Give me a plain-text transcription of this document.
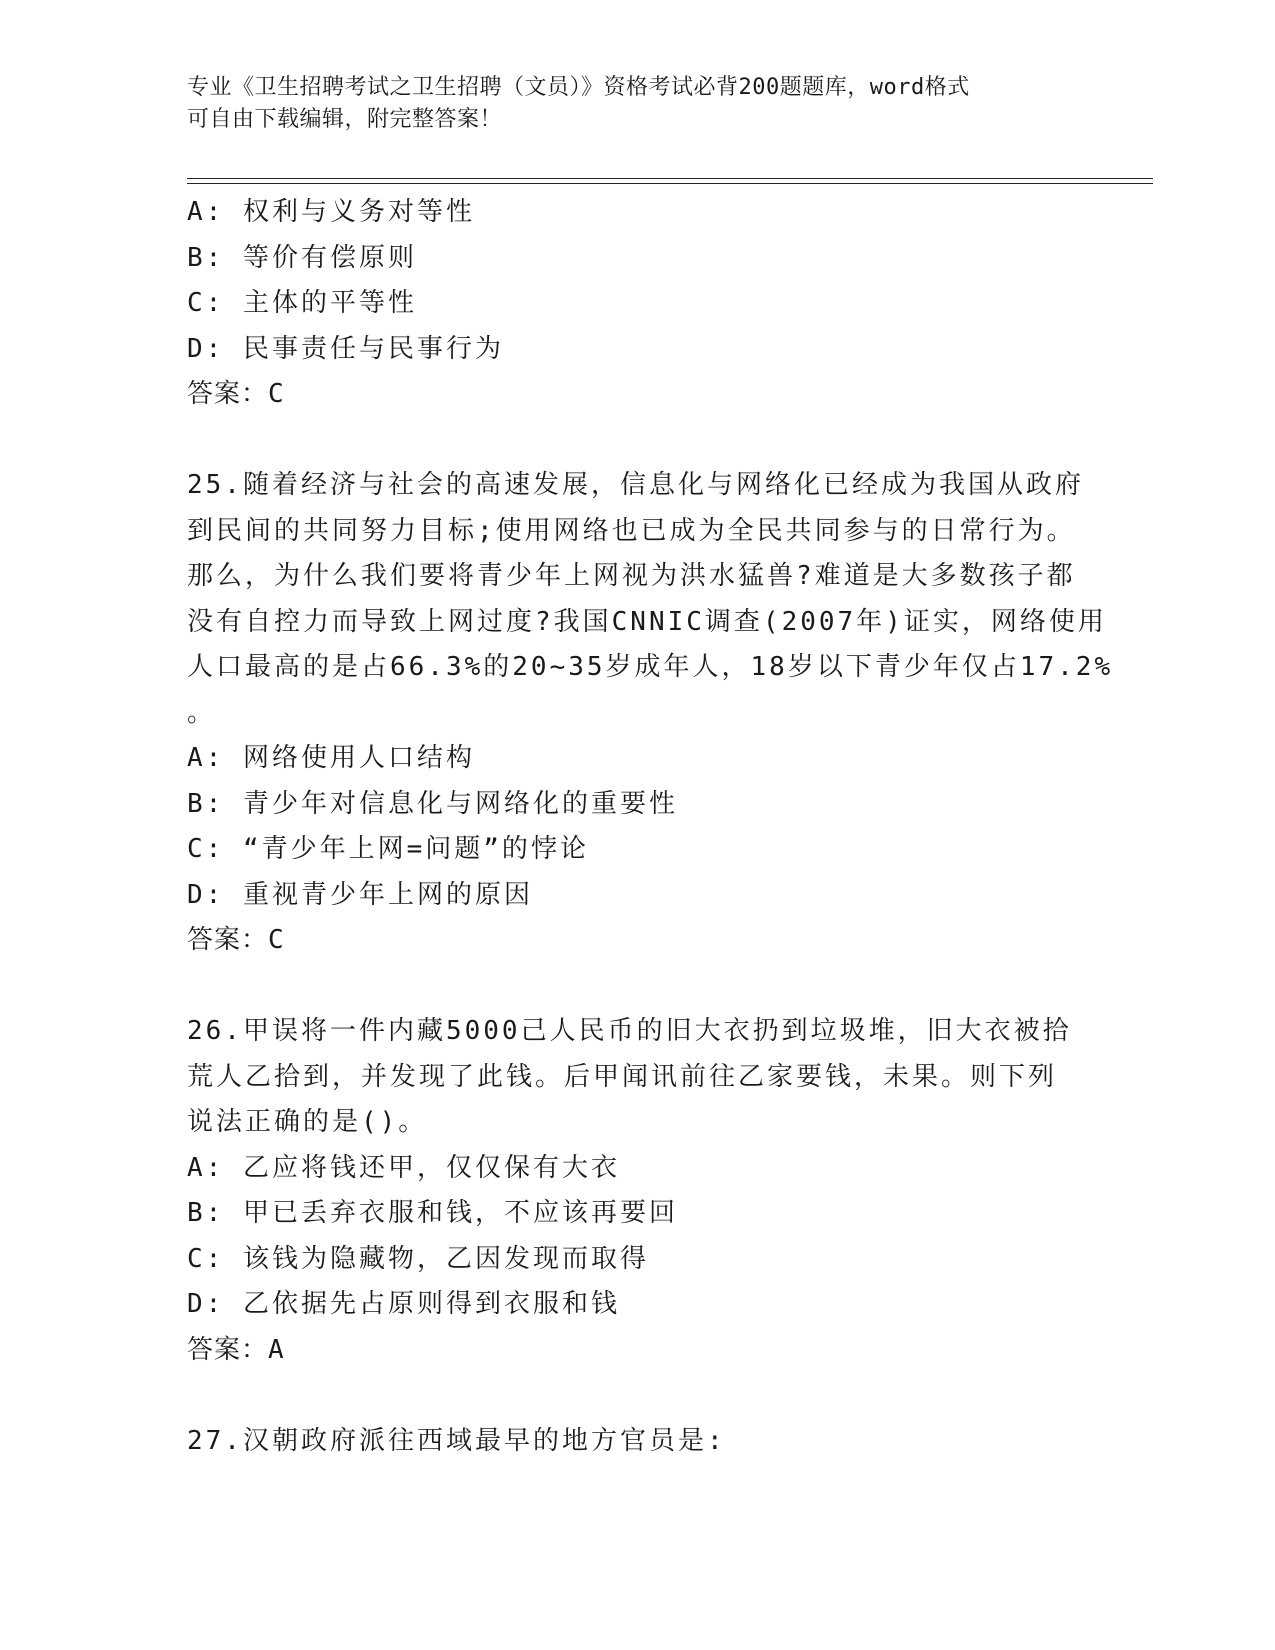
专业《卫生招聘考试之卫生招聘（文员）》资格考试必背200题题库，word格式
可自由下载编辑，附完整答案！
A: 权利与义务对等性
B: 等价有偿原则
C: 主体的平等性
D: 民事责任与民事行为
答案：C
25.随着经济与社会的高速发展，信息化与网络化已经成为我国从政府
到民间的共同努力目标;使用网络也已成为全民共同参与的日常行为。
那么，为什么我们要将青少年上网视为洪水猛兽?难道是大多数孩子都
没有自控力而导致上网过度?我国CNNIC调查(2007年)证实，网络使用
人口最高的是占66.3%的20~35岁成年人，18岁以下青少年仅占17.2%
。
A: 网络使用人口结构
B: 青少年对信息化与网络化的重要性
C: “青少年上网=问题”的悖论
D: 重视青少年上网的原因
答案：C
26.甲误将一件内藏5000己人民币的旧大衣扔到垃圾堆，旧大衣被拾
荒人乙拾到，并发现了此钱。后甲闻讯前往乙家要钱，未果。则下列
说法正确的是()。
A: 乙应将钱还甲，仅仅保有大衣
B: 甲已丢弃衣服和钱，不应该再要回
C: 该钱为隐藏物，乙因发现而取得
D: 乙依据先占原则得到衣服和钱
答案：A
27.汉朝政府派往西域最早的地方官员是:
